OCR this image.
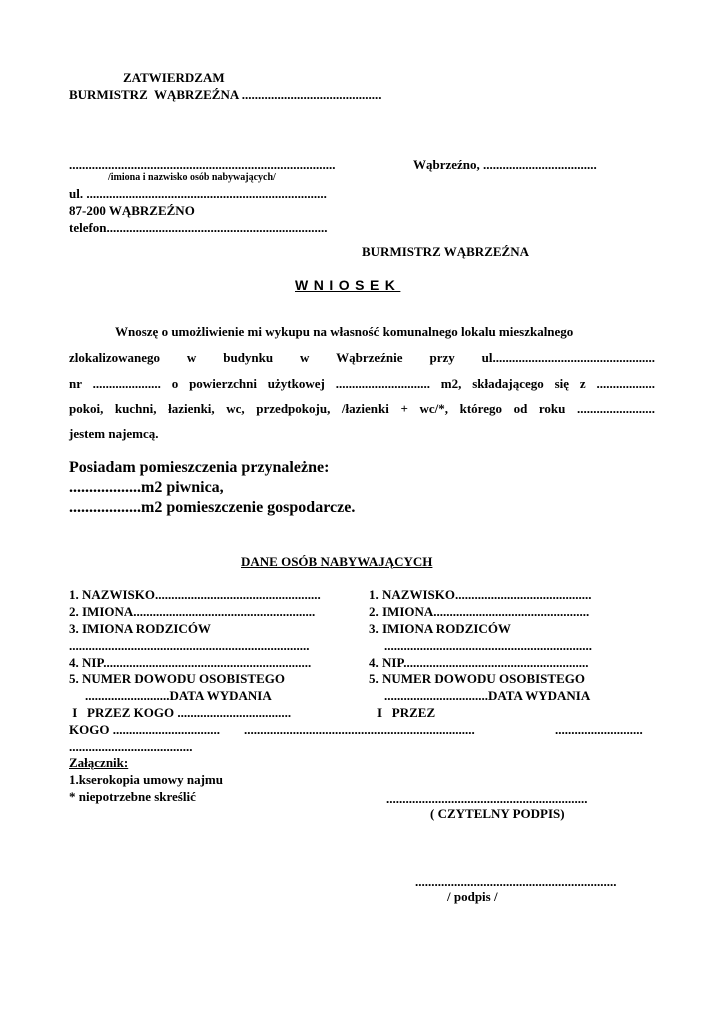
ZATWIERDZAM
BURMISTRZ  WĄBRZEŹNA ...........................................
..................................................................................
/imiona i nazwisko osób nabywających/
Wąbrzeźno, ...................................
ul. ..........................................................................
87-200 WĄBRZEŹNO
telefon....................................................................
BURMISTRZ WĄBRZEŹNA
WNIOSEK
Wnoszę o umożliwienie mi wykupu na własność komunalnego lokalu mieszkalnego
zlokalizowanego w budynku w Wąbrzeźnie przy ul..................................................
nr ..................... o powierzchni użytkowej ............................. m2, składającego się z ..................
pokoi, kuchni, łazienki, wc, przedpokoju, /łazienki + wc/*, którego od roku ........................
jestem najemcą.
Posiadam pomieszczenia przynależne:
..................m2 piwnica,
..................m2 pomieszczenie gospodarcze.
DANE OSÓB NABYWAJĄCYCH
1. NAZWISKO...................................................
2. IMIONA........................................................
3. IMIONA RODZICÓW
..........................................................................
4. NIP................................................................
5. NUMER DOWODU OSOBISTEGO
..........................DATA WYDANIA
I   PRZEZ KOGO ...................................
KOGO .................................
......................................
1. NAZWISKO..........................................
2. IMIONA................................................
3. IMIONA RODZICÓW
................................................................
4. NIP.........................................................
5. NUMER DOWODU OSOBISTEGO
................................DATA WYDANIA
I   PRZEZ
.......................................................................	...........................
Załącznik:
1.kserokopia umowy najmu
* niepotrzebne skreślić	..............................................................
( CZYTELNY PODPIS)
..............................................................
/ podpis /
